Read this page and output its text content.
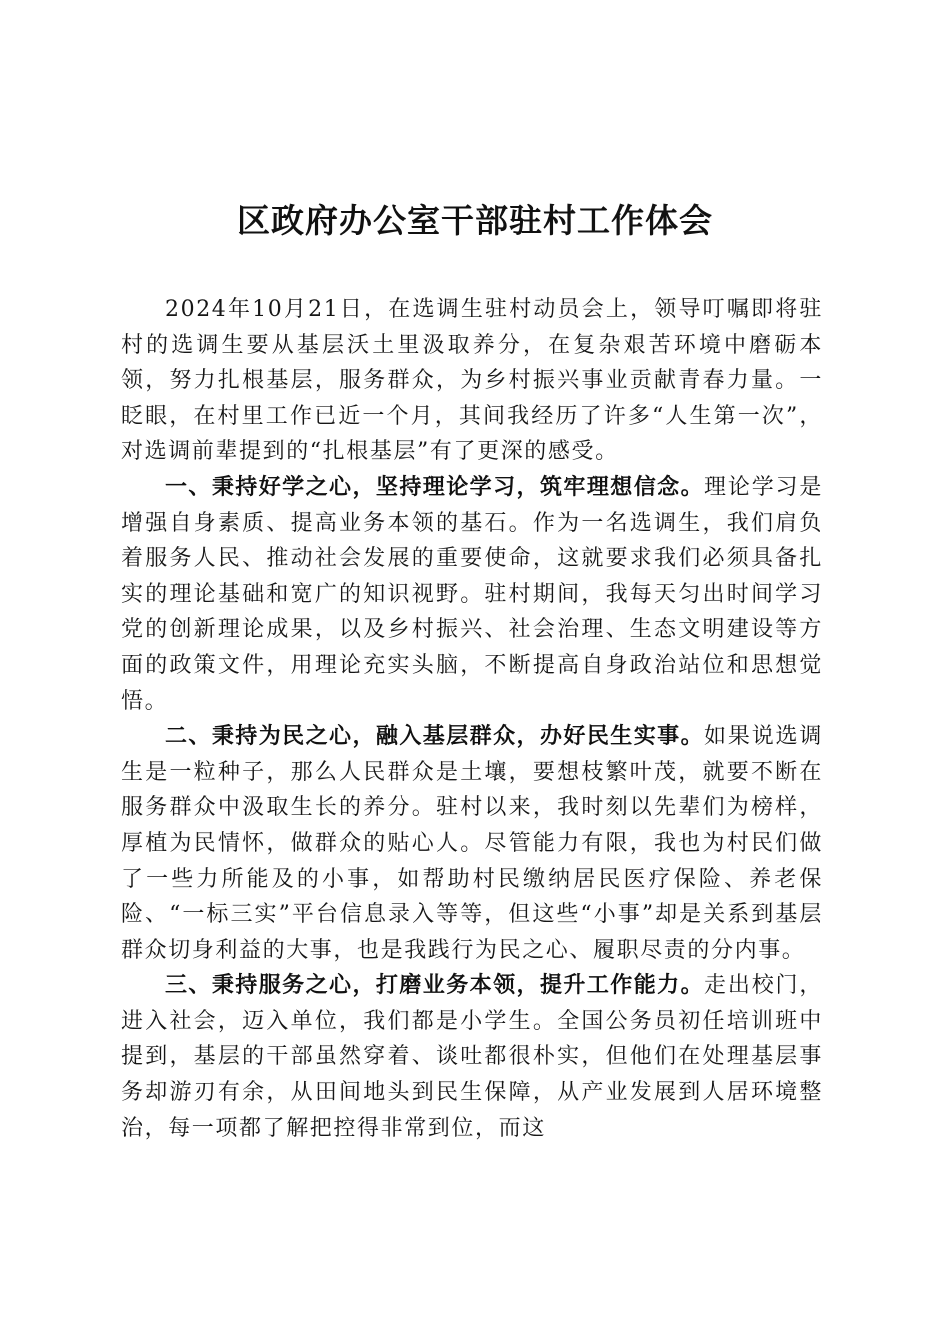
区政府办公室干部驻村工作体会

2024年10月21日，在选调生驻村动员会上，领导叮嘱即将驻村的选调生要从基层沃土里汲取养分，在复杂艰苦环境中磨砺本领，努力扎根基层，服务群众，为乡村振兴事业贡献青春力量。一眨眼，在村里工作已近一个月，其间我经历了许多“人生第一次”，对选调前辈提到的“扎根基层”有了更深的感受。

一、秉持好学之心，坚持理论学习，筑牢理想信念。理论学习是增强自身素质、提高业务本领的基石。作为一名选调生，我们肩负着服务人民、推动社会发展的重要使命，这就要求我们必须具备扎实的理论基础和宽广的知识视野。驻村期间，我每天匀出时间学习党的创新理论成果，以及乡村振兴、社会治理、生态文明建设等方面的政策文件，用理论充实头脑，不断提高自身政治站位和思想觉悟。

二、秉持为民之心，融入基层群众，办好民生实事。如果说选调生是一粒种子，那么人民群众是土壤，要想枝繁叶茂，就要不断在服务群众中汲取生长的养分。驻村以来，我时刻以先辈们为榜样，厚植为民情怀，做群众的贴心人。尽管能力有限，我也为村民们做了一些力所能及的小事，如帮助村民缴纳居民医疗保险、养老保险、“一标三实”平台信息录入等等，但这些“小事”却是关系到基层群众切身利益的大事，也是我践行为民之心、履职尽责的分内事。

三、秉持服务之心，打磨业务本领，提升工作能力。走出校门，进入社会，迈入单位，我们都是小学生。全国公务员初任培训班中提到，基层的干部虽然穿着、谈吐都很朴实，但他们在处理基层事务却游刃有余，从田间地头到民生保障，从产业发展到人居环境整治，每一项都了解把控得非常到位，而这
